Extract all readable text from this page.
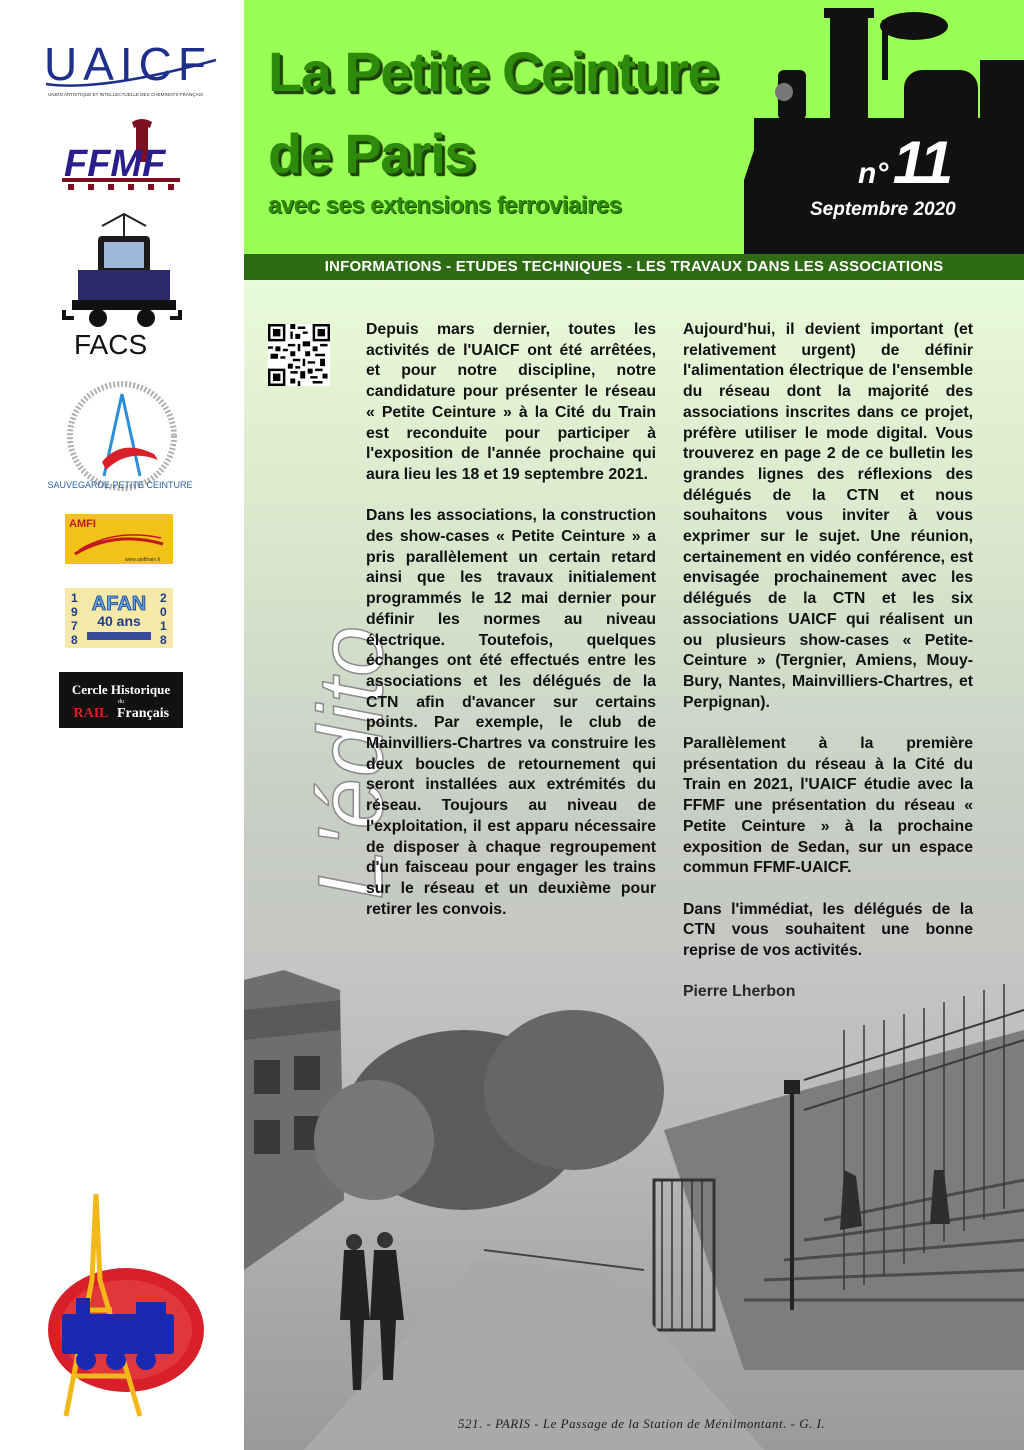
UAICF
UNION ARTISTIQUE ET INTELLECTUELLE DES CHEMINOTS FRANÇAIS
FFMF
FACS
SAUVEGARDE PETITE CEINTURE
AMFI
www.amfitrain.fr
1
9
7
8
2
0
1
8
AFAN
40 ans
Cercle Historique
du
RAIL Français
La Petite Ceinture
de Paris
avec ses extensions ferroviaires
n° 11
Septembre 2020
INFORMATIONS - ETUDES TECHNIQUES - LES TRAVAUX DANS LES ASSOCIATIONS
L'édito

Depuis mars dernier, toutes les activités de l'UAICF ont été arrêtées, et pour notre discipline, notre candidature pour présenter le réseau « Petite Ceinture » à la Cité du Train est reconduite pour participer à l'exposition de l'année prochaine qui aura lieu les 18 et 19 septembre 2021.

Dans les associations, la construction des show-cases « Petite Ceinture » a pris parallèlement un certain retard ainsi que les travaux initialement programmés le 12 mai dernier pour définir les normes au niveau électrique. Toutefois, quelques échanges ont été effectués entre les associations et les délégués de la CTN afin d'avancer sur certains points. Par exemple, le club de Mainvilliers-Chartres va construire les deux boucles de retournement qui seront installées aux extrémités du réseau. Toujours au niveau de l'exploitation, il est apparu nécessaire de disposer à chaque regroupement d'un faisceau pour engager les trains sur le réseau et un deuxième pour retirer les convois.

Aujourd'hui, il devient important (et relativement urgent) de définir l'alimentation électrique de l'ensemble du réseau dont la majorité des associations inscrites dans ce projet, préfère utiliser le mode digital. Vous trouverez en page 2 de ce bulletin les grandes lignes des réflexions des délégués de la CTN et nous souhaitons vous inviter à vous exprimer sur le sujet. Une réunion, certainement en vidéo conférence, est envisagée prochainement avec les délégués de la CTN et les six associations UAICF qui réalisent un ou plusieurs show-cases « Petite-Ceinture » (Tergnier, Amiens, Mouy-Bury, Nantes, Mainvilliers-Chartres, et Perpignan).

Parallèlement à la première présentation du réseau à la Cité du Train en 2021, l'UAICF étudie avec la FFMF une présentation du réseau « Petite Ceinture » à la prochaine exposition de Sedan, sur un espace commun FFMF-UAICF.

Dans l'immédiat, les délégués de la CTN vous souhaitent une bonne reprise de vos activités.

521. - PARIS - Le Passage de la Station de Ménilmontant. - G. I.
